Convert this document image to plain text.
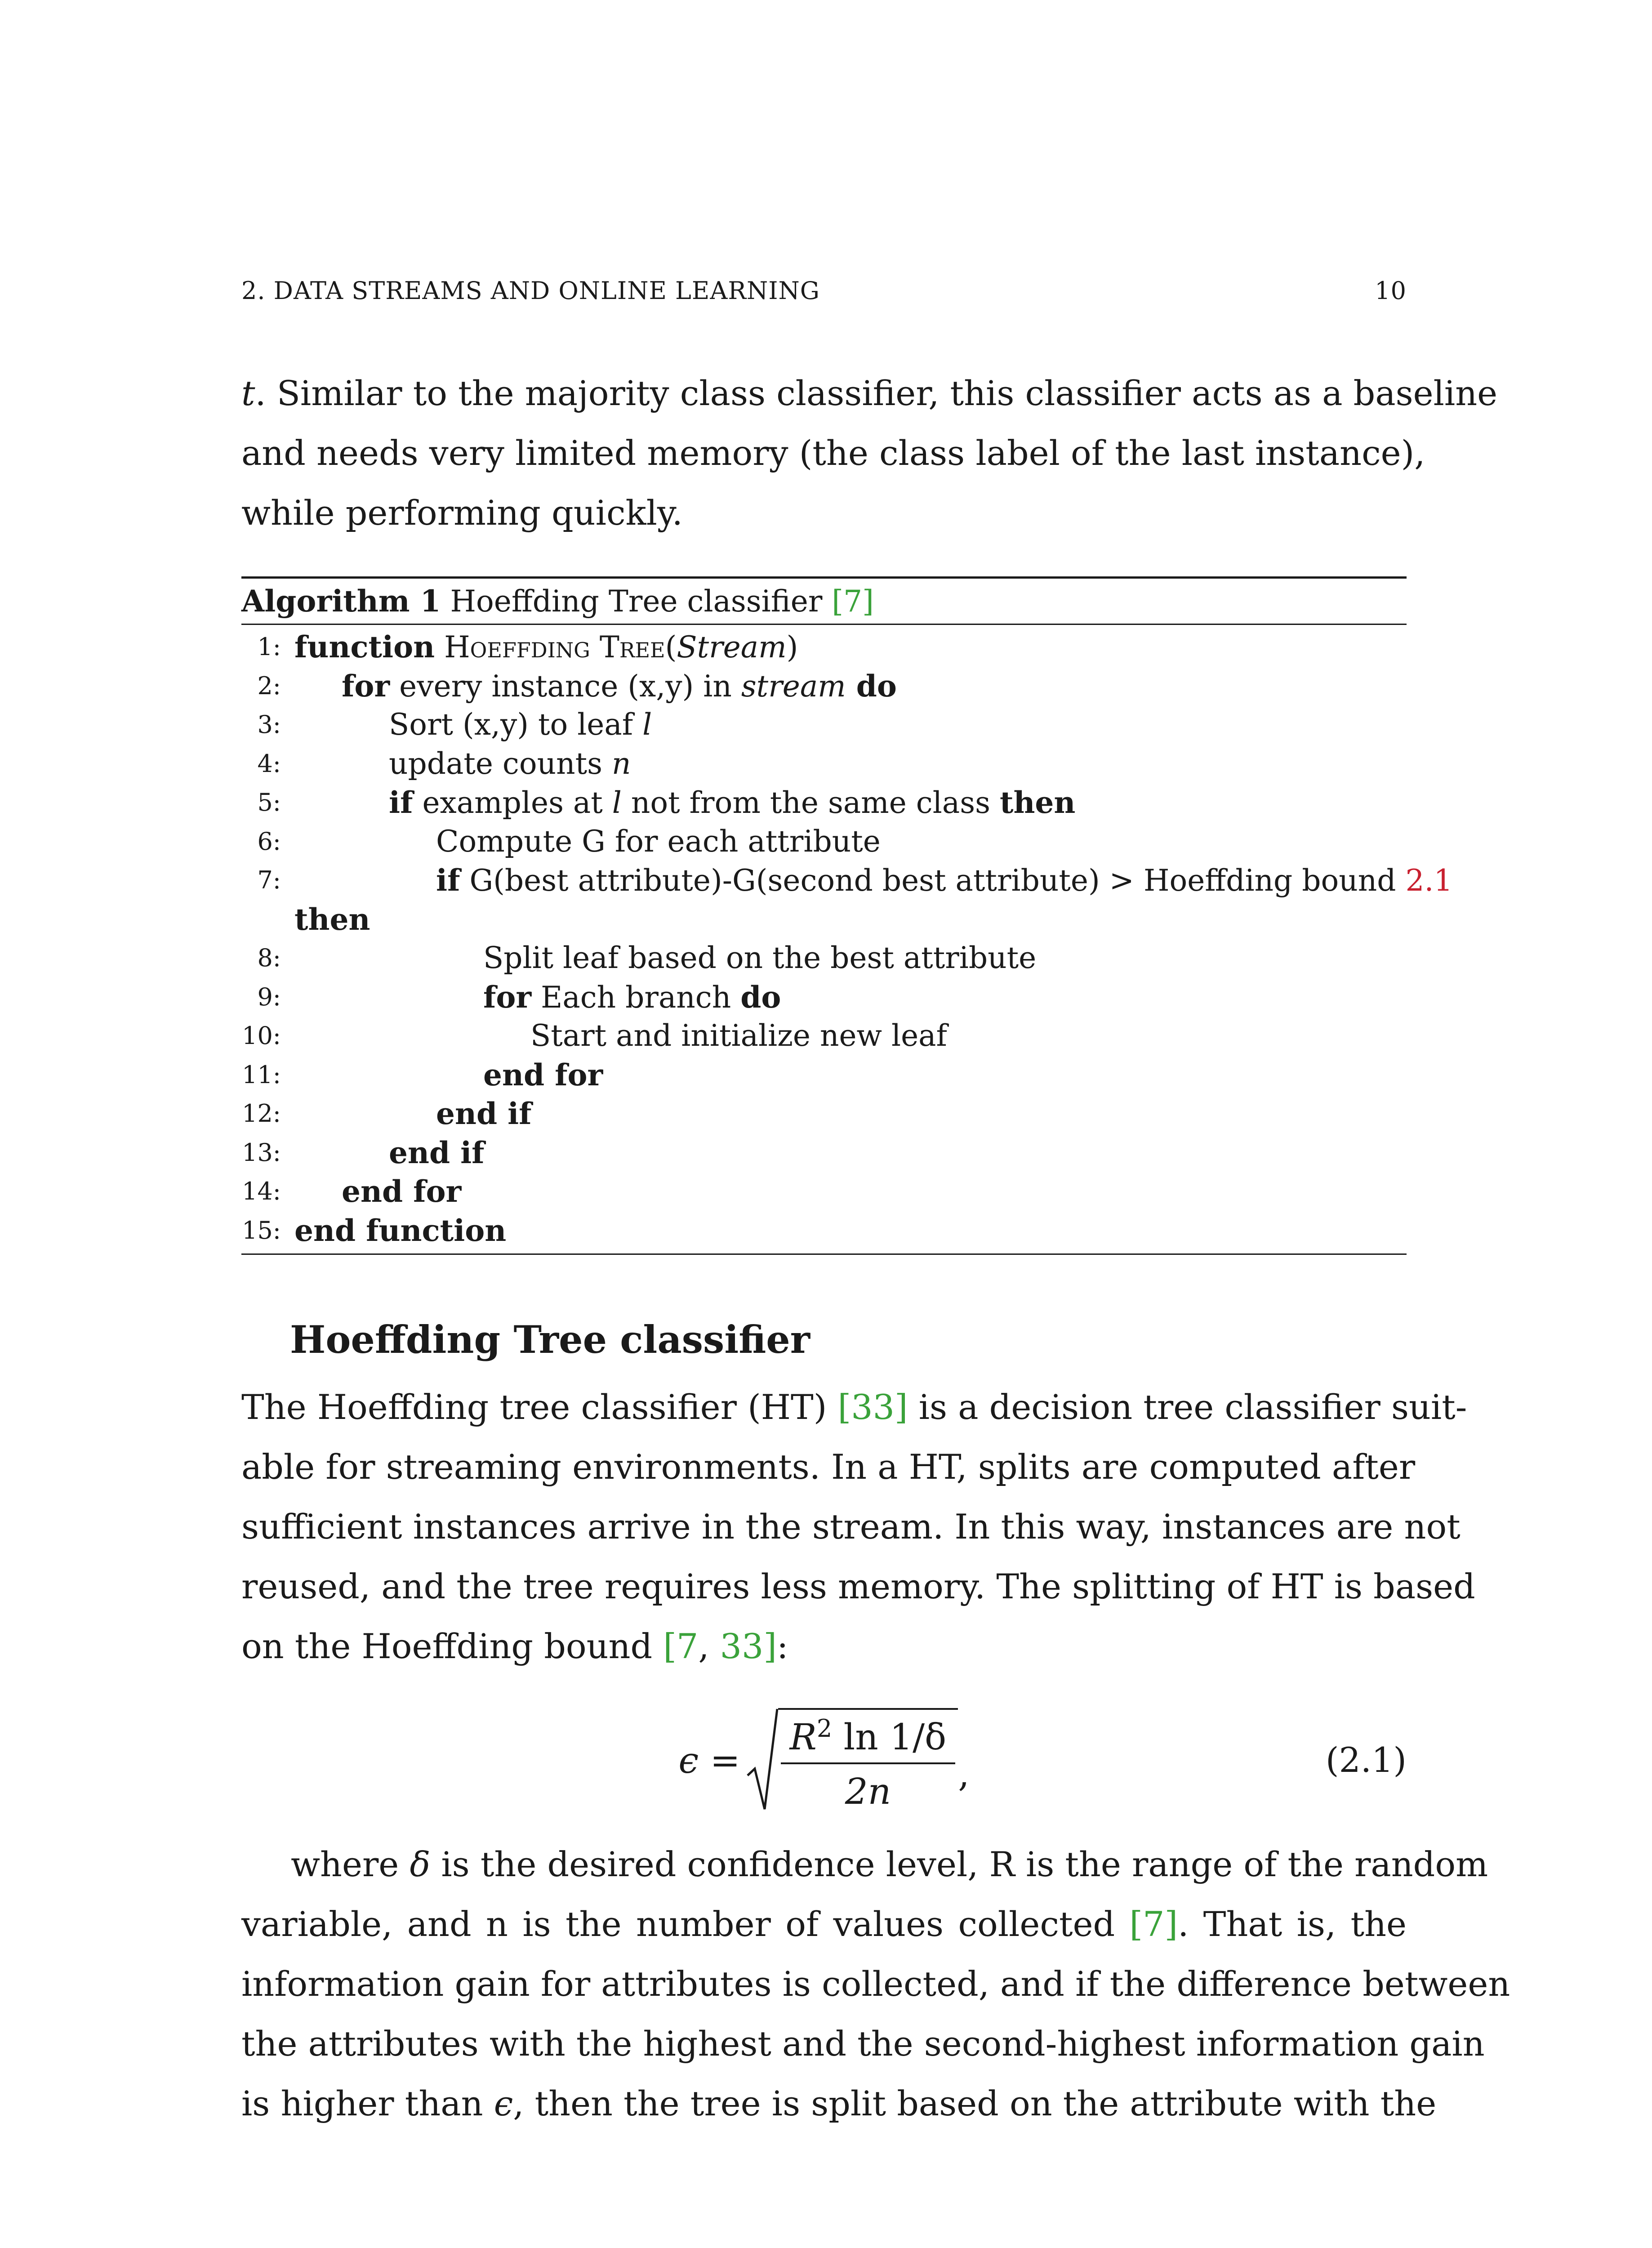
2. DATA STREAMS AND ONLINE LEARNING	10
t. Similar to the majority class classifier, this classifier acts as a baseline
and needs very limited memory (the class label of the last instance),
while performing quickly.
Algorithm 1 Hoeffding Tree classifier [7]
1: function Hoeffding Tree(Stream)
2:	for every instance (x,y) in stream do
3:	Sort (x,y) to leaf l
4:	update counts n
5:	if examples at l not from the same class then
6:	Compute G for each attribute
7:	if G(best attribute)-G(second best attribute) > Hoeffding bound 2.1
then
8:	Split leaf based on the best attribute
9:	for Each branch do
10:	Start and initialize new leaf
11:	end for
12:	end if
13:	end if
14:	end for
15: end function
Hoeffding Tree classifier
The Hoeffding tree classifier (HT) [33] is a decision tree classifier suit-
able for streaming environments. In a HT, splits are computed after
sufficient instances arrive in the stream. In this way, instances are not
reused, and the tree requires less memory. The splitting of HT is based
on the Hoeffding bound [7, 33]:
$\epsilon = \frac{R^2 \ln 1/\delta}{2n}$ ,	(2.1)
where δ is the desired confidence level, R is the range of the random
variable, and n is the number of values collected [7]. That is, the
information gain for attributes is collected, and if the difference between
the attributes with the highest and the second-highest information gain
is higher than ϵ, then the tree is split based on the attribute with the
